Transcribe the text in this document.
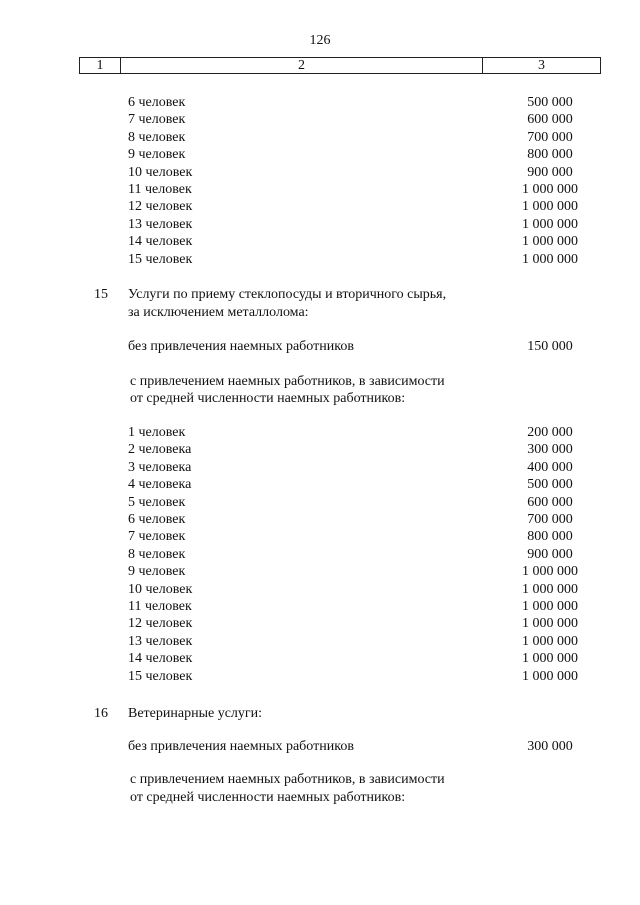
126
1	2	3
6 человек	500 000
7 человек	600 000
8 человек	700 000
9 человек	800 000
10 человек	900 000
11 человек	1 000 000
12 человек	1 000 000
13 человек	1 000 000
14 человек	1 000 000
15 человек	1 000 000
15 Услуги по приему стеклопосуды и вторичного сырья,
за исключением металлолома:
без привлечения наемных работников	150 000
с привлечением наемных работников, в зависимости
от средней численности наемных работников:
1 человек	200 000
2 человека	300 000
3 человека	400 000
4 человека	500 000
5 человек	600 000
6 человек	700 000
7 человек	800 000
8 человек	900 000
9 человек	1 000 000
10 человек	1 000 000
11 человек	1 000 000
12 человек	1 000 000
13 человек	1 000 000
14 человек	1 000 000
15 человек	1 000 000
16 Ветеринарные услуги:
без привлечения наемных работников	300 000
с привлечением наемных работников, в зависимости
от средней численности наемных работников:
